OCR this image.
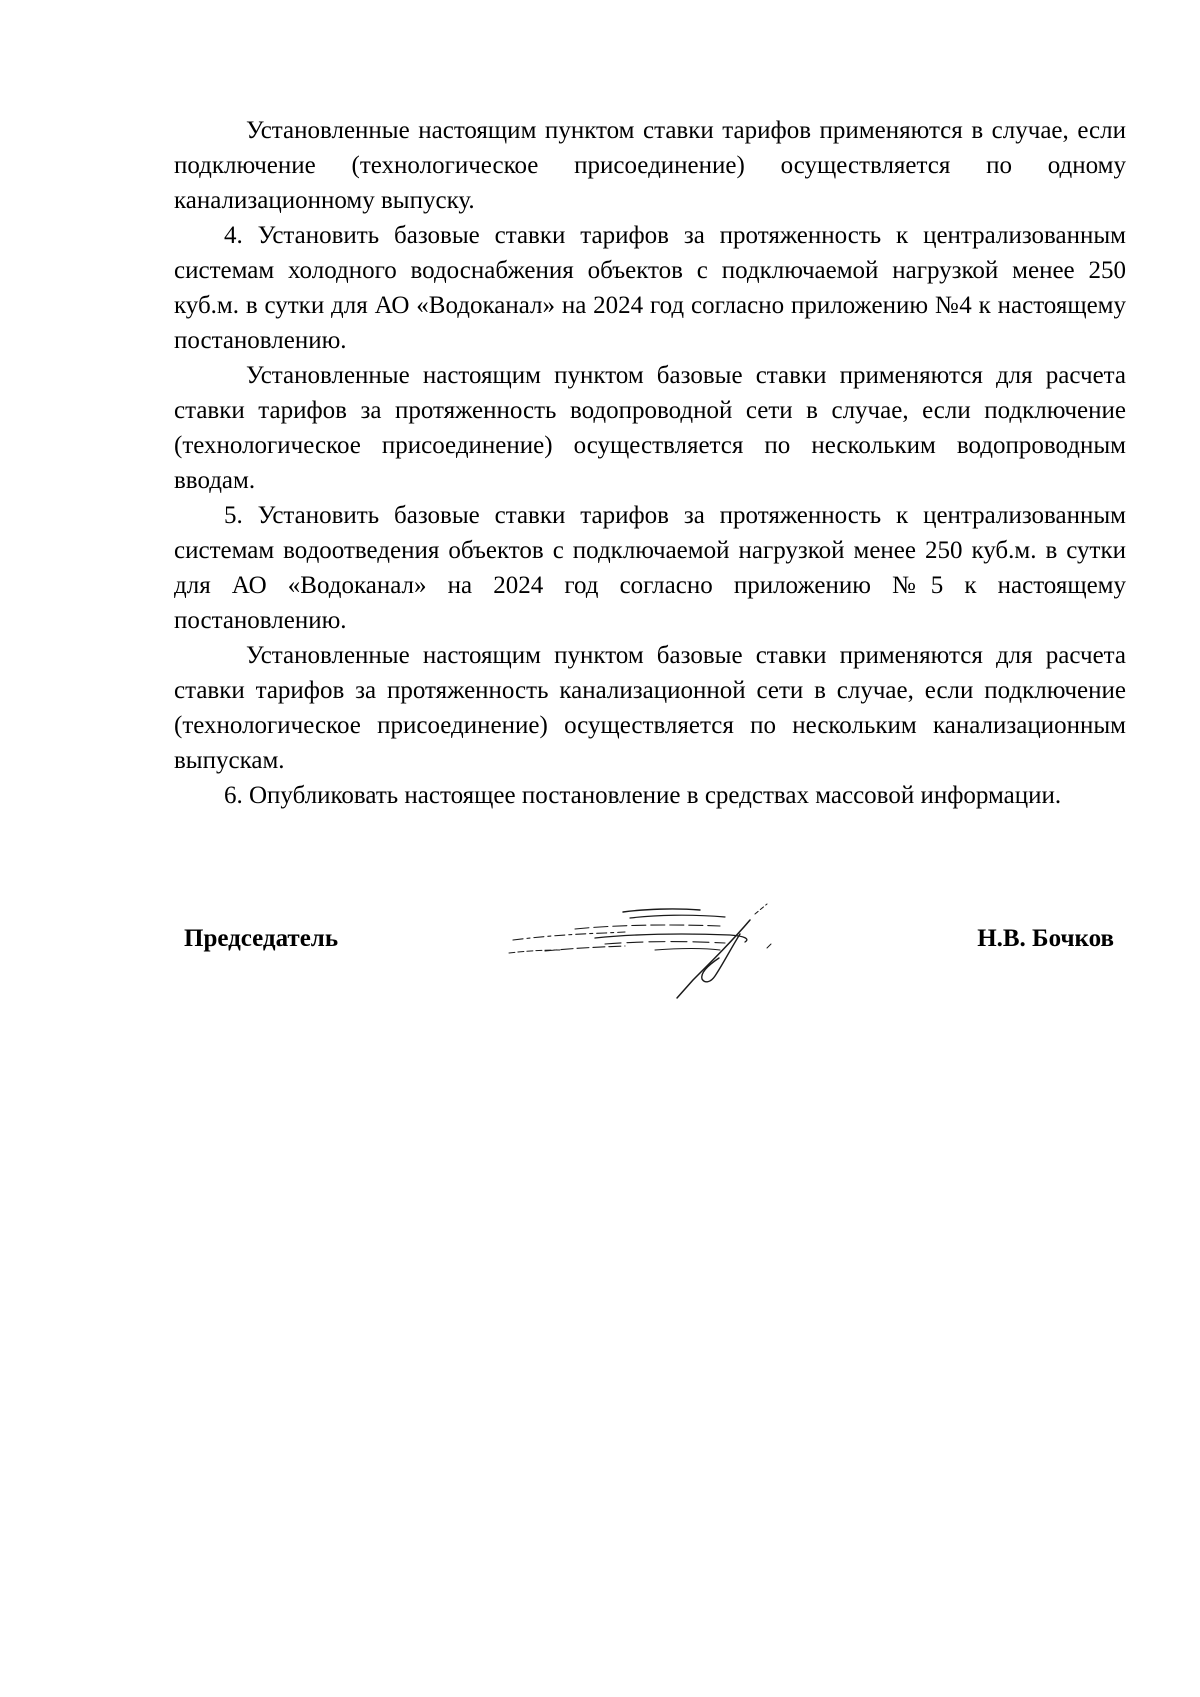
Установленные настоящим пунктом ставки тарифов применяются в случае, если подключение (технологическое присоединение) осуществляется по одному канализационному выпуску.

4. Установить базовые ставки тарифов за протяженность к централизованным системам холодного водоснабжения объектов с подключаемой нагрузкой менее 250 куб.м. в сутки для АО «Водоканал» на 2024 год согласно приложению №4 к настоящему постановлению.

Установленные настоящим пунктом базовые ставки применяются для расчета ставки тарифов за протяженность водопроводной сети в случае, если подключение (технологическое присоединение) осуществляется по нескольким водопроводным вводам.

5. Установить базовые ставки тарифов за протяженность к централизованным системам водоотведения объектов с подключаемой нагрузкой менее 250 куб.м. в сутки для АО «Водоканал» на 2024 год согласно приложению №5 к настоящему постановлению.

Установленные настоящим пунктом базовые ставки применяются для расчета ставки тарифов за протяженность канализационной сети в случае, если подключение (технологическое присоединение) осуществляется по нескольким канализационным выпускам.

6. Опубликовать настоящее постановление в средствах массовой информации.

Председатель	Н.В. Бочков
